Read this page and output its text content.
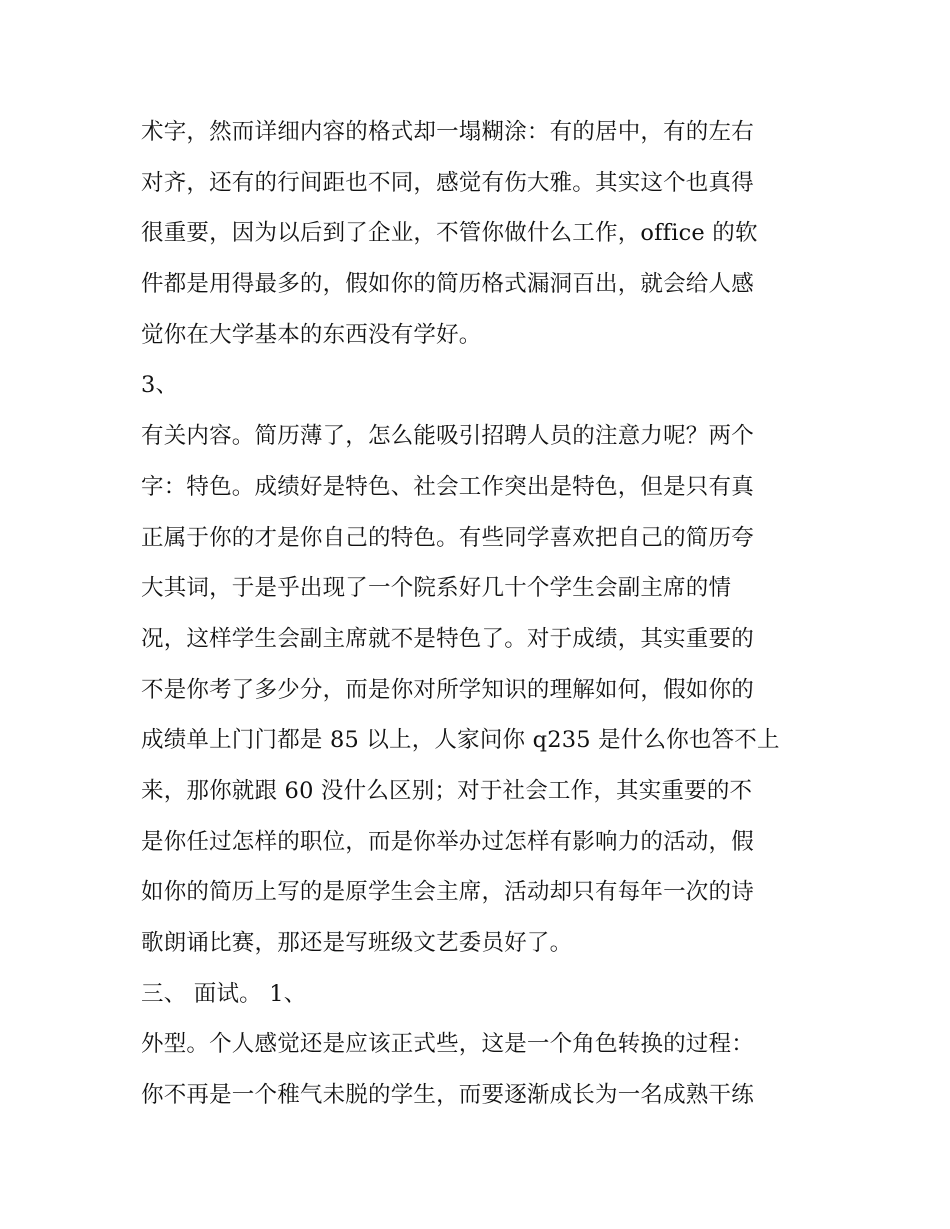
术字，然而详细内容的格式却一塌糊涂：有的居中，有的左右
对齐，还有的行间距也不同，感觉有伤大雅。其实这个也真得
很重要，因为以后到了企业，不管你做什么工作，office 的软
件都是用得最多的，假如你的简历格式漏洞百出，就会给人感
觉你在大学基本的东西没有学好。
3、
有关内容。简历薄了，怎么能吸引招聘人员的注意力呢？两个
字：特色。成绩好是特色、社会工作突出是特色，但是只有真
正属于你的才是你自己的特色。有些同学喜欢把自己的简历夸
大其词，于是乎出现了一个院系好几十个学生会副主席的情
况，这样学生会副主席就不是特色了。对于成绩，其实重要的
不是你考了多少分，而是你对所学知识的理解如何，假如你的
成绩单上门门都是 85 以上，人家问你 q235 是什么你也答不上
来，那你就跟 60 没什么区别；对于社会工作，其实重要的不
是你任过怎样的职位，而是你举办过怎样有影响力的活动，假
如你的简历上写的是原学生会主席，活动却只有每年一次的诗
歌朗诵比赛，那还是写班级文艺委员好了。
三、 面试。 1、
外型。个人感觉还是应该正式些，这是一个角色转换的过程：
你不再是一个稚气未脱的学生，而要逐渐成长为一名成熟干练
